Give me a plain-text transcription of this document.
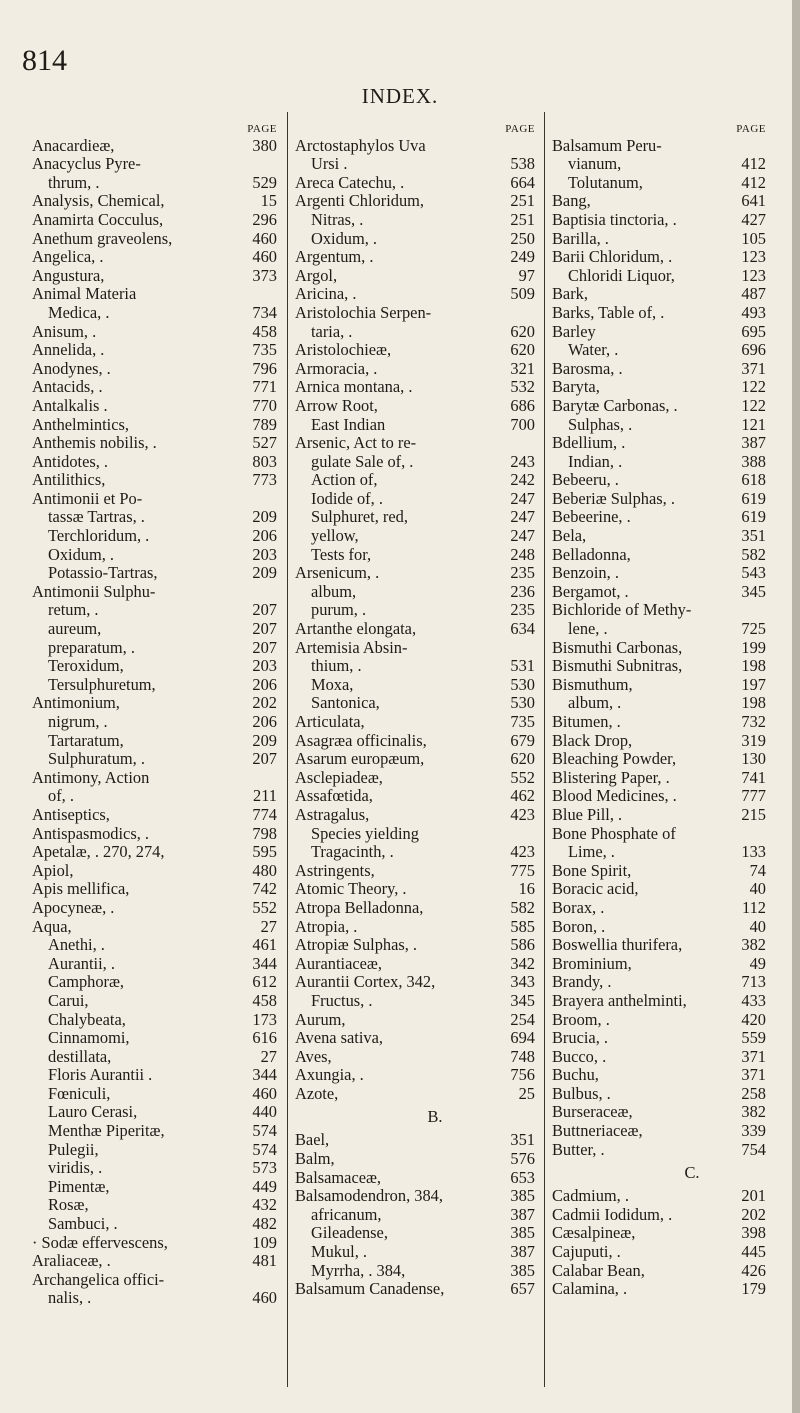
814
INDEX.
PAGE
Anacardieæ,	380
Anacyclus Pyre-
thrum, .	529
Analysis, Chemical,	15
Anamirta Cocculus,	296
Anethum graveolens,	460
Angelica, .	460
Angustura,	373
Animal Materia
Medica, .	734
Anisum, .	458
Annelida, .	735
Anodynes, .	796
Antacids, .	771
Antalkalis .	770
Anthelmintics,	789
Anthemis nobilis, .	527
Antidotes, .	803
Antilithics,	773
Antimonii et Po-
tassæ Tartras, .	209
Terchloridum, .	206
Oxidum, .	203
Potassio-Tartras,	209
Antimonii Sulphu-
retum, .	207
aureum,	207
preparatum, .	207
Teroxidum,	203
Tersulphuretum,	206
Antimonium,	202
nigrum, .	206
Tartaratum,	209
Sulphuratum, .	207
Antimony, Action
of, .	211
Antiseptics,	774
Antispasmodics, .	798
Apetalæ, . 270, 274,	595
Apiol,	480
Apis mellifica,	742
Apocyneæ, .	552
Aqua,	27
Anethi, .	461
Aurantii, .	344
Camphoræ,	612
Carui,	458
Chalybeata,	173
Cinnamomi,	616
destillata,	27
Floris Aurantii .	344
Fœniculi,	460
Lauro Cerasi,	440
Menthæ Piperitæ,	574
Pulegii,	574
viridis, .	573
Pimentæ,	449
Rosæ,	432
Sambuci, .	482
· Sodæ effervescens,	109
Araliaceæ, .	481
Archangelica offici-
nalis, .	460
PAGE
Arctostaphylos Uva
Ursi .	538
Areca Catechu, .	664
Argenti Chloridum,	251
Nitras, .	251
Oxidum, .	250
Argentum, .	249
Argol,	97
Aricina, .	509
Aristolochia Serpen-
taria, .	620
Aristolochieæ,	620
Armoracia, .	321
Arnica montana, .	532
Arrow Root,	686
East Indian	700
Arsenic, Act to re-
gulate Sale of, .	243
Action of,	242
Iodide of, .	247
Sulphuret, red,	247
yellow,	247
Tests for,	248
Arsenicum, .	235
album,	236
purum, .	235
Artanthe elongata,	634
Artemisia Absin-
thium, .	531
Moxa,	530
Santonica,	530
Articulata,	735
Asagræa officinalis,	679
Asarum europæum,	620
Asclepiadeæ,	552
Assafœtida,	462
Astragalus,	423
Species yielding
Tragacinth, .	423
Astringents,	775
Atomic Theory, .	16
Atropa Belladonna,	582
Atropia, .	585
Atropiæ Sulphas, .	586
Aurantiaceæ,	342
Aurantii Cortex, 342,	343
Fructus, .	345
Aurum,	254
Avena sativa,	694
Aves,	748
Axungia, .	756
Azote,	25
B.
Bael,	351
Balm,	576
Balsamaceæ,	653
Balsamodendron, 384,	385
africanum,	387
Gileadense,	385
Mukul, .	387
Myrrha, . 384,	385
Balsamum Canadense,	657
PAGE
Balsamum Peru-
vianum,	412
Tolutanum,	412
Bang,	641
Baptisia tinctoria, .	427
Barilla, .	105
Barii Chloridum, .	123
Chloridi Liquor,	123
Bark,	487
Barks, Table of, .	493
Barley	695
Water, .	696
Barosma, .	371
Baryta,	122
Barytæ Carbonas, .	122
Sulphas, .	121
Bdellium, .	387
Indian, .	388
Bebeeru, .	618
Beberiæ Sulphas, .	619
Bebeerine, .	619
Bela,	351
Belladonna,	582
Benzoin, .	543
Bergamot, .	345
Bichloride of Methy-
lene, .	725
Bismuthi Carbonas,	199
Bismuthi Subnitras,	198
Bismuthum,	197
album, .	198
Bitumen, .	732
Black Drop,	319
Bleaching Powder,	130
Blistering Paper, .	741
Blood Medicines, .	777
Blue Pill, .	215
Bone Phosphate of
Lime, .	133
Bone Spirit,	74
Boracic acid,	40
Borax, .	112
Boron, .	40
Boswellia thurifera,	382
Brominium,	49
Brandy, .	713
Brayera anthelminti,	433
Broom, .	420
Brucia, .	559
Bucco, .	371
Buchu,	371
Bulbus, .	258
Burseraceæ,	382
Buttneriaceæ,	339
Butter, .	754
C.
Cadmium, .	201
Cadmii Iodidum, .	202
Cæsalpineæ,	398
Cajuputi, .	445
Calabar Bean,	426
Calamina, .	179
